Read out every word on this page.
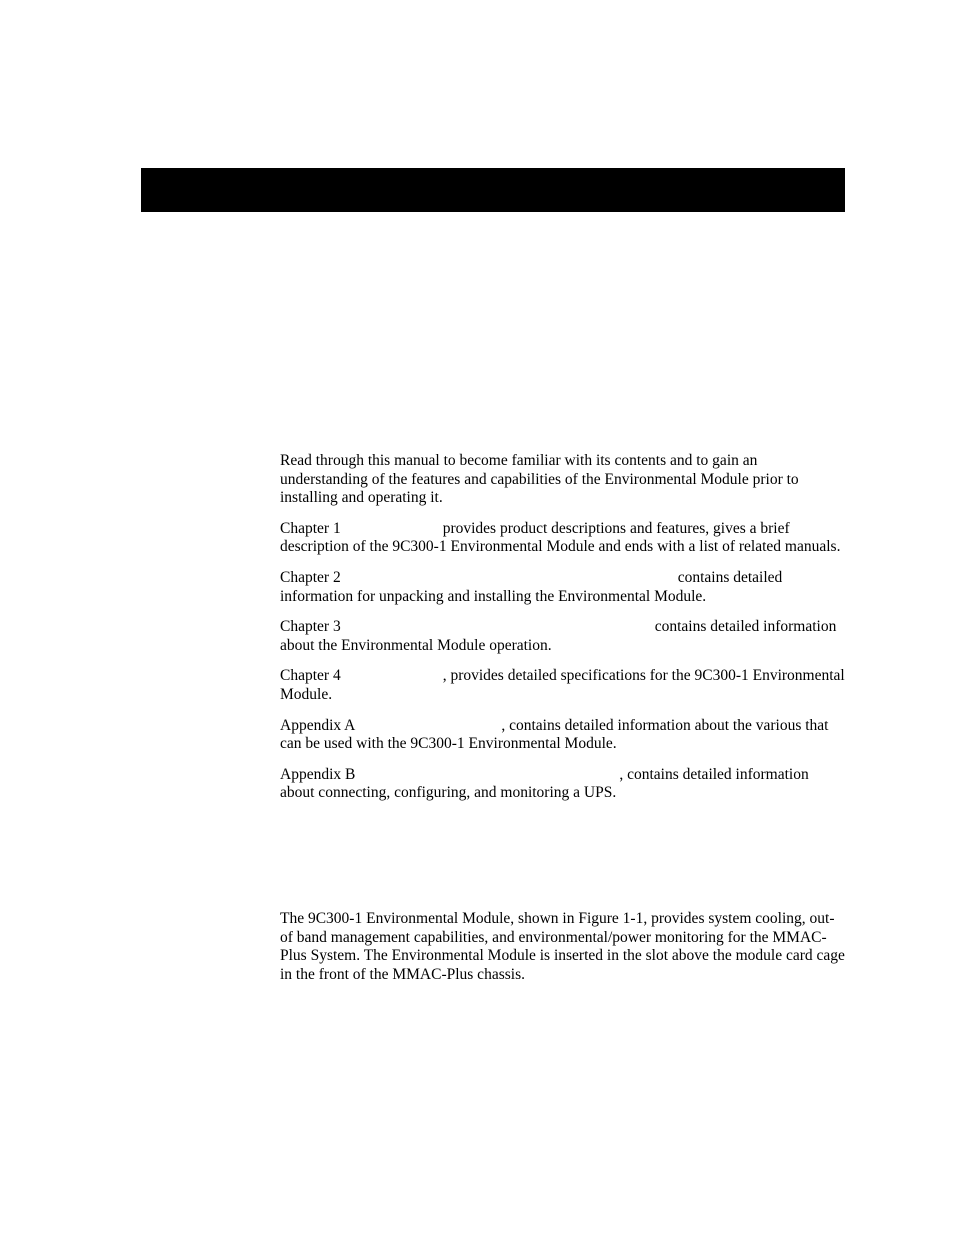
Read through this manual to become familiar with its contents and to gain an understanding of the features and capabilities of the Environmental Module prior to installing and operating it.

Chapter 1	provides product descriptions and features, gives a brief description of the 9C300-1 Environmental Module and ends with a list of related manuals.

Chapter 2	contains detailed information for unpacking and installing the Environmental Module.

Chapter 3	contains detailed information about the Environmental Module operation.

Chapter 4	, provides detailed specifications for the 9C300-1 Environmental Module.

Appendix A	, contains detailed information about the various that can be used with the 9C300-1 Environmental Module.

Appendix B	, contains detailed information about connecting, configuring, and monitoring a UPS.

The 9C300-1 Environmental Module, shown in Figure 1-1, provides system cooling, out-of band management capabilities, and environmental/power monitoring for the MMAC-Plus System. The Environmental Module is inserted in the slot above the module card cage in the front of the MMAC-Plus chassis.
